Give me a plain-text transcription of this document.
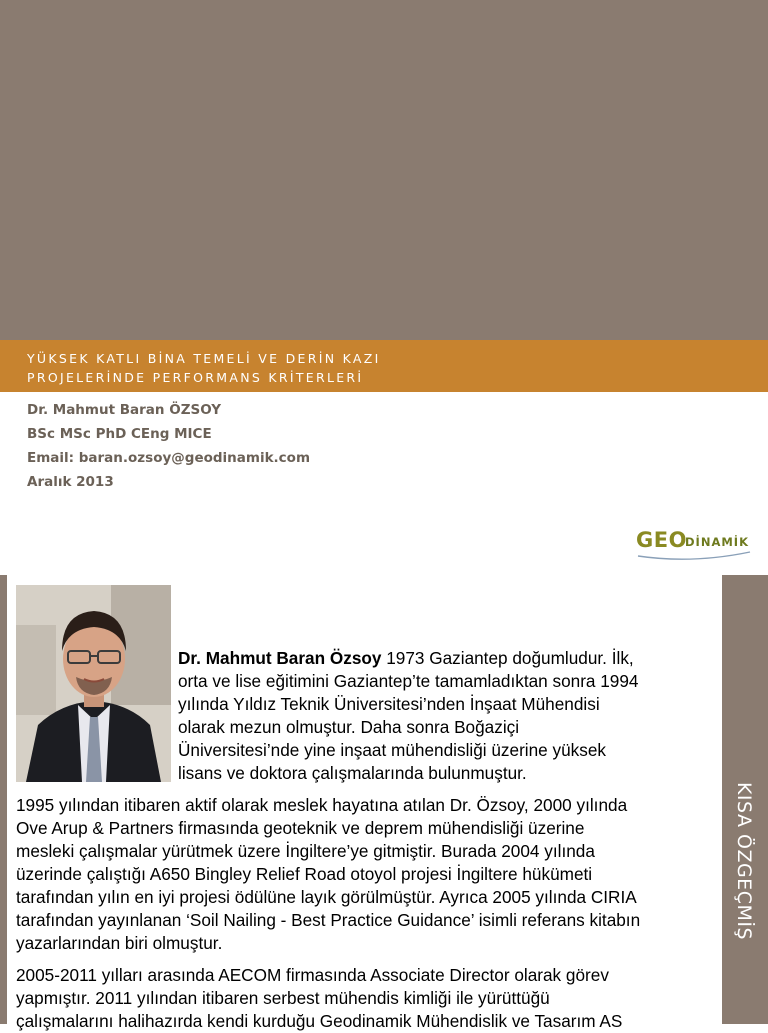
YÜKSEK KATLI BİNA TEMELİ VE DERİN KAZI
PROJELERİNDE PERFORMANS KRİTERLERİ
Dr. Mahmut Baran ÖZSOY
BSc MSc PhD CEng MICE
Email: baran.ozsoy@geodinamik.com
Aralık 2013
GEO
DİNAMİK
KISA ÖZGEÇMİŞ

Dr. Mahmut Baran Özsoy 1973 Gaziantep doğumludur. İlk,

orta ve lise eğitimini Gaziantep’te tamamladıktan sonra 1994

yılında Yıldız Teknik Üniversitesi’nden İnşaat Mühendisi

olarak mezun olmuştur. Daha sonra Boğaziçi

Üniversitesi’nde yine inşaat mühendisliği üzerine yüksek

lisans ve doktora çalışmalarında bulunmuştur.

1995 yılından itibaren aktif olarak meslek hayatına atılan Dr. Özsoy, 2000 yılında

Ove Arup & Partners firmasında geoteknik ve deprem mühendisliği üzerine

mesleki çalışmalar yürütmek üzere İngiltere’ye gitmiştir. Burada 2004 yılında

üzerinde çalıştığı A650 Bingley Relief Road otoyol projesi İngiltere hükümeti

tarafından yılın en iyi projesi ödülüne layık görülmüştür. Ayrıca 2005 yılında CIRIA

tarafından yayınlanan ‘Soil Nailing - Best Practice Guidance’ isimli referans kitabın

yazarlarından biri olmuştur.

2005-2011 yılları arasında AECOM firmasında Associate Director olarak görev

yapmıştır. 2011 yılından itibaren serbest mühendis kimliği ile yürüttüğü

çalışmalarını halihazırda kendi kurduğu Geodinamik Mühendislik ve Tasarım AS
